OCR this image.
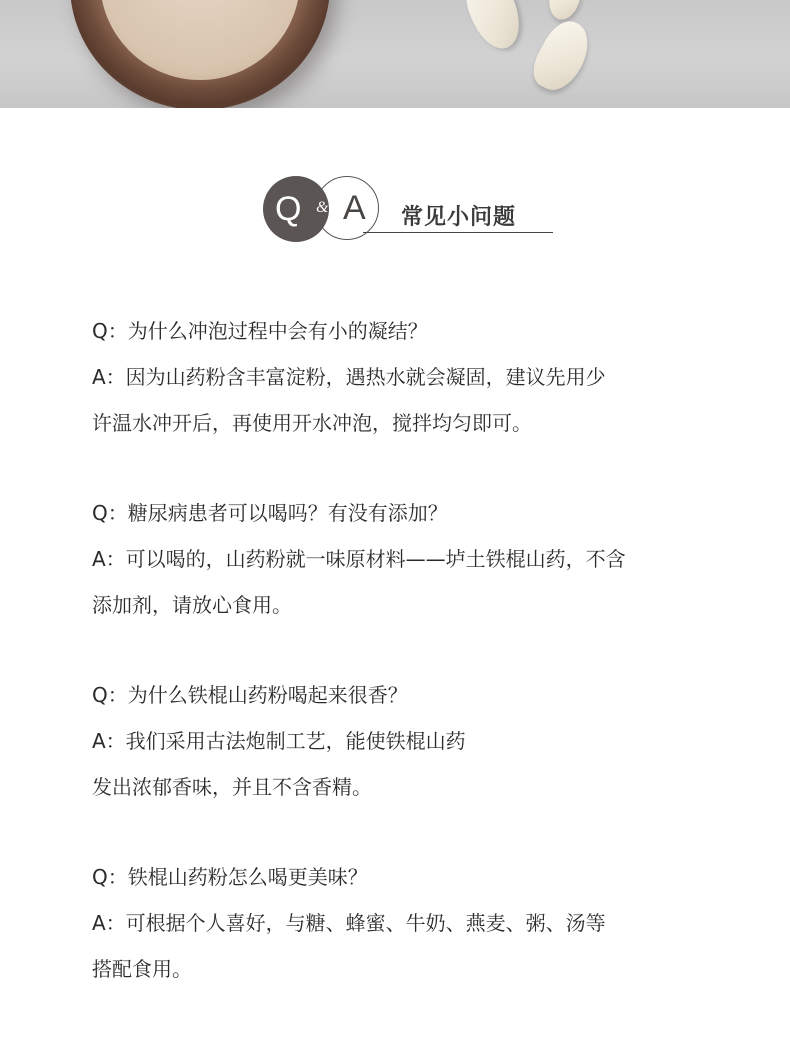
Q & A 常见小问题
Q：为什么冲泡过程中会有小的凝结？
A：因为山药粉含丰富淀粉，遇热水就会凝固，建议先用少
许温水冲开后，再使用开水冲泡，搅拌均匀即可。
Q：糖尿病患者可以喝吗？有没有添加？
A：可以喝的，山药粉就一味原材料——垆土铁棍山药，不含
添加剂，请放心食用。
Q：为什么铁棍山药粉喝起来很香？
A：我们采用古法炮制工艺，能使铁棍山药
发出浓郁香味，并且不含香精。
Q：铁棍山药粉怎么喝更美味？
A：可根据个人喜好，与糖、蜂蜜、牛奶、燕麦、粥、汤等
搭配食用。
